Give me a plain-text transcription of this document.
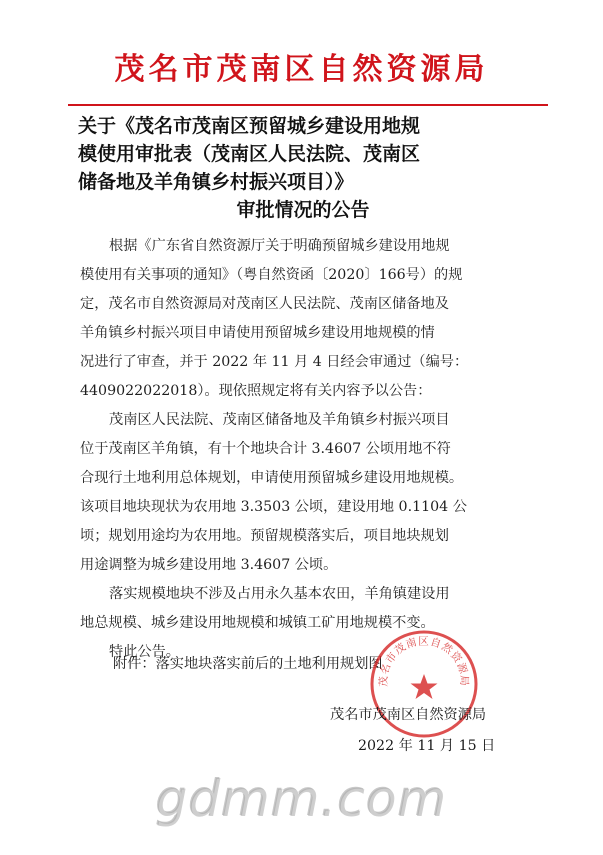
茂名市茂南区自然资源局
关于《茂名市茂南区预留城乡建设用地规
模使用审批表（茂南区人民法院、茂南区
储备地及羊角镇乡村振兴项目）》
审批情况的公告
根据《广东省自然资源厅关于明确预留城乡建设用地规
模使用有关事项的通知》（粤自然资函〔2020〕166号）的规
定，茂名市自然资源局对茂南区人民法院、茂南区储备地及
羊角镇乡村振兴项目申请使用预留城乡建设用地规模的情
况进行了审查，并于 2022 年 11 月 4 日经会审通过（编号：
4409022022018）。现依照规定将有关内容予以公告：
茂南区人民法院、茂南区储备地及羊角镇乡村振兴项目
位于茂南区羊角镇，有十个地块合计 3.4607 公顷用地不符
合现行土地利用总体规划，申请使用预留城乡建设用地规模。
该项目地块现状为农用地 3.3503 公顷，建设用地 0.1104 公
顷；规划用途均为农用地。预留规模落实后，项目地块规划
用途调整为城乡建设用地 3.4607 公顷。
落实规模地块不涉及占用永久基本农田，羊角镇建设用
地总规模、城乡建设用地规模和城镇工矿用地规模不变。
特此公告。
附件：落实地块落实前后的土地利用规划图
茂名市茂南区自然资源局
茂名市茂南区自然资源局
2022 年 11 月 15 日
gdmm.com
